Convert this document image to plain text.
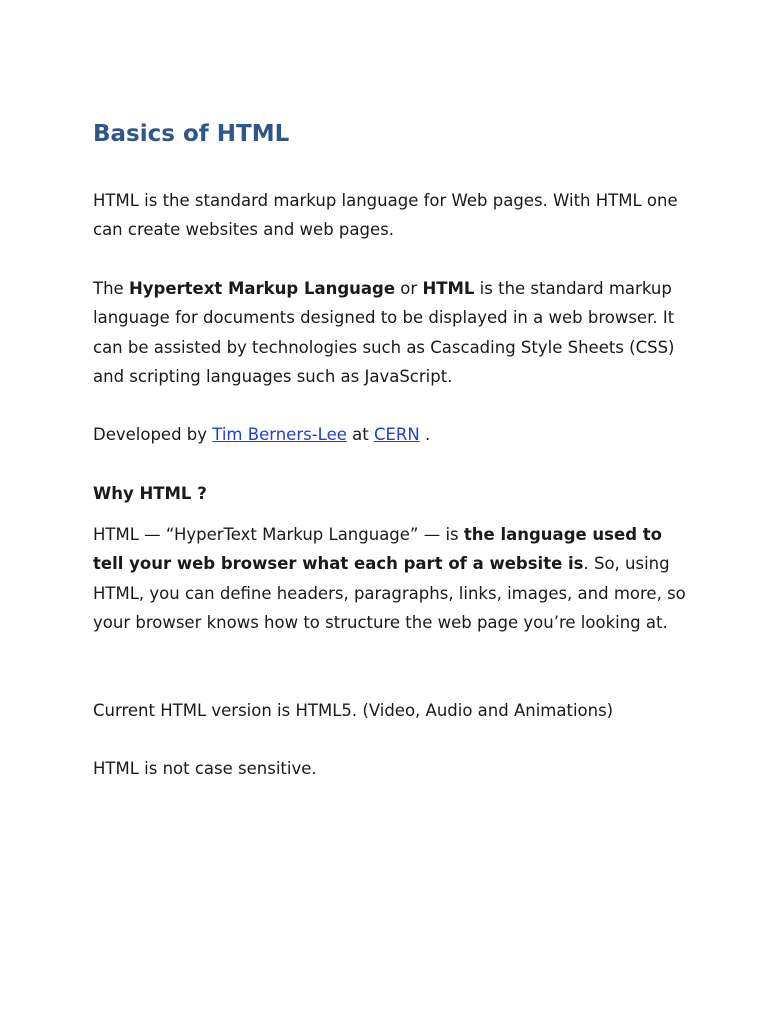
Basics of HTML

HTML is the standard markup language for Web pages. With HTML one can create websites and web pages.

The Hypertext Markup Language or HTML is the standard markup language for documents designed to be displayed in a web browser. It can be assisted by technologies such as Cascading Style Sheets (CSS) and scripting languages such as JavaScript.

Developed by Tim Berners-Lee at CERN .

Why HTML ?

HTML — “HyperText Markup Language” — is the language used to tell your web browser what each part of a website is. So, using HTML, you can define headers, paragraphs, links, images, and more, so your browser knows how to structure the web page you’re looking at.

Current HTML version is HTML5. (Video, Audio and Animations)

HTML is not case sensitive.
